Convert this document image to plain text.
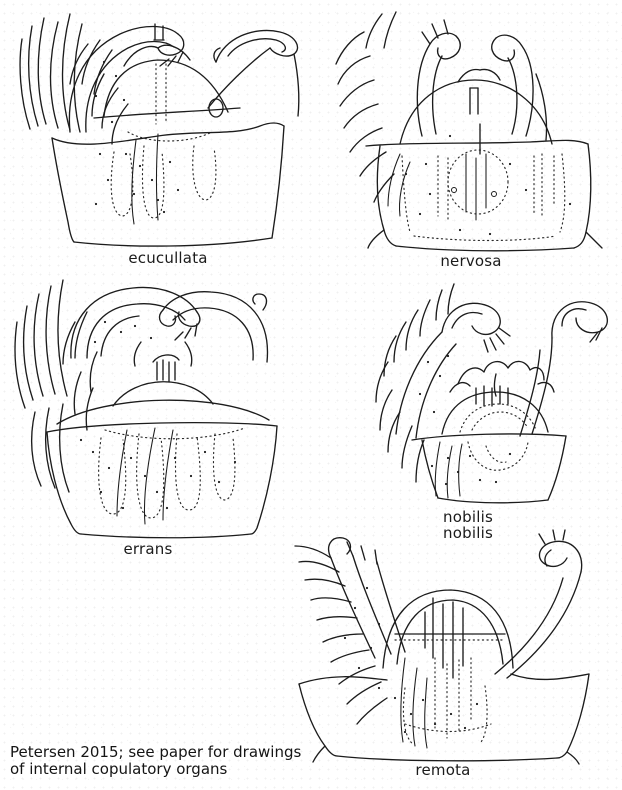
ecucullata	nervosa
errans
nobilis
nobilis
remota
Petersen 2015; see paper for drawings
of internal copulatory organs
